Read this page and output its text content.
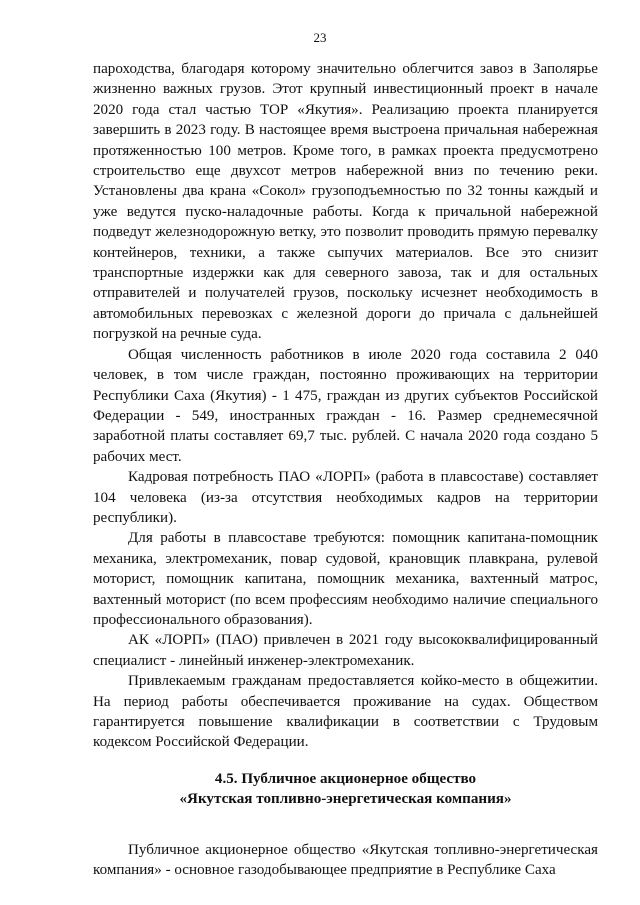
23

пароходства, благодаря которому значительно облегчится завоз в Заполярье жизненно важных грузов. Этот крупный инвестиционный проект в начале 2020 года стал частью ТОР «Якутия». Реализацию проекта планируется завершить в 2023 году. В настоящее время выстроена причальная набережная протяженностью 100 метров. Кроме того, в рамках проекта предусмотрено строительство еще двухсот метров набережной вниз по течению реки. Установлены два крана «Сокол» грузоподъемностью по 32 тонны каждый и уже ведутся пуско-наладочные работы. Когда к причальной набережной подведут железнодорожную ветку, это позволит проводить прямую перевалку контейнеров, техники, а также сыпучих материалов. Все это снизит транспортные издержки как для северного завоза, так и для остальных отправителей и получателей грузов, поскольку исчезнет необходимость в автомобильных перевозках с железной дороги до причала с дальнейшей погрузкой на речные суда.

Общая численность работников в июле 2020 года составила 2 040 человек, в том числе граждан, постоянно проживающих на территории Республики Саха (Якутия) - 1 475, граждан из других субъектов Российской Федерации - 549, иностранных граждан - 16. Размер среднемесячной заработной платы составляет 69,7 тыс. рублей. С начала 2020 года создано 5 рабочих мест.

Кадровая потребность ПАО «ЛОРП» (работа в плавсоставе) составляет 104 человека (из-за отсутствия необходимых кадров на территории республики).

Для работы в плавсоставе требуются: помощник капитана-помощник механика, электромеханик, повар судовой, крановщик плавкрана, рулевой моторист, помощник капитана, помощник механика, вахтенный матрос, вахтенный моторист (по всем профессиям необходимо наличие специального профессионального образования).

АК «ЛОРП» (ПАО) привлечен в 2021 году высококвалифицированный специалист - линейный инженер-электромеханик.

Привлекаемым гражданам предоставляется койко-место в общежитии. На период работы обеспечивается проживание на судах. Обществом гарантируется повышение квалификации в соответствии с Трудовым кодексом Российской Федерации.

4.5. Публичное акционерное общество
«Якутская топливно-энергетическая компания»

Публичное акционерное общество «Якутская топливно-энергетическая компания» - основное газодобывающее предприятие в Республике Саха
